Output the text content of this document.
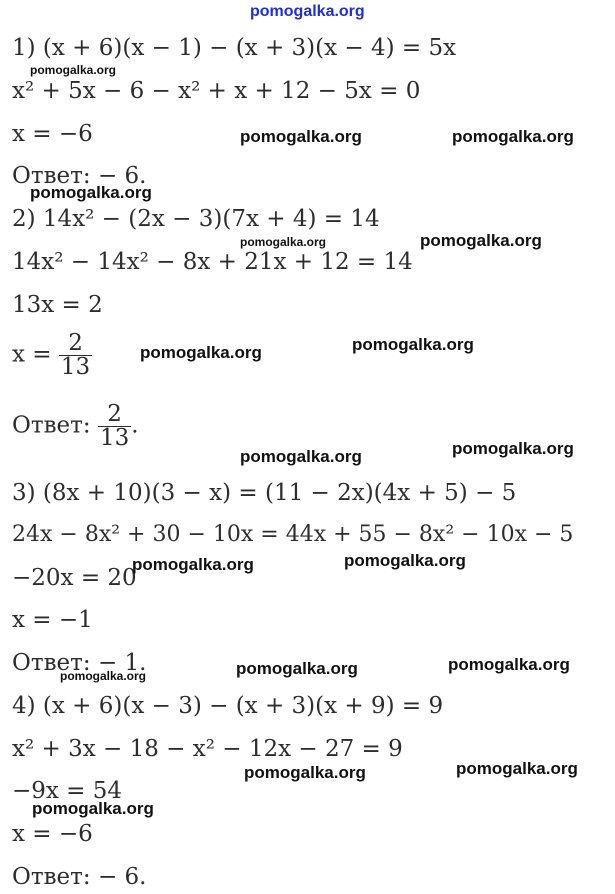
pomogalka.org
1) (x + 6)(x − 1) − (x + 3)(x − 4) = 5x
x² + 5x − 6 − x² + x + 12 − 5x = 0
x = −6
Ответ: − 6.
2) 14x² − (2x − 3)(7x + 4) = 14
14x² − 14x² − 8x + 21x + 12 = 14
13x = 2
$x = \frac{2}{13}$
Ответ: $\frac{2}{13}$ .
3) (8x + 10)(3 − x) = (11 − 2x)(4x + 5) − 5
24x − 8x² + 30 − 10x = 44x + 55 − 8x² − 10x − 5
−20x = 20
x = −1
Ответ: − 1.
4) (x + 6)(x − 3) − (x + 3)(x + 9) = 9
x² + 3x − 18 − x² − 12x − 27 = 9
−9x = 54
x = −6
Ответ: − 6.
pomogalka.org
pomogalka.org	pomogalka.org
pomogalka.org
pomogalka.org	pomogalka.org
pomogalka.org	pomogalka.org
pomogalka.org	pomogalka.org
pomogalka.org	pomogalka.org
pomogalka.org	pomogalka.org
pomogalka.org
pomogalka.org	pomogalka.org
pomogalka.org
